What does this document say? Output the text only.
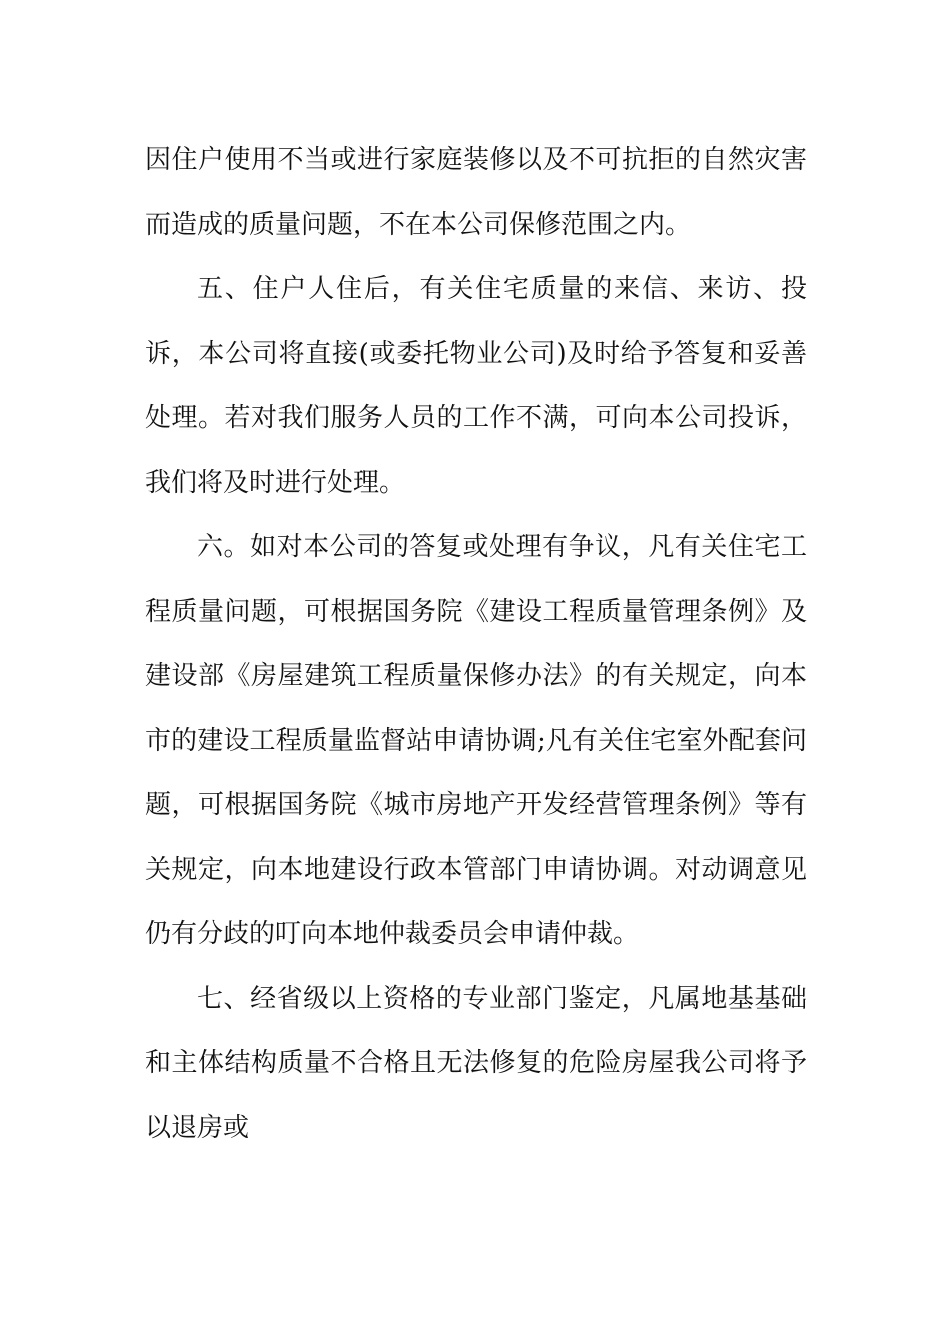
因住户使用不当或进行家庭装修以及不可抗拒的自然灾害而造成的质量问题，不在本公司保修范围之内。

五、住户人住后，有关住宅质量的来信、来访、投诉，本公司将直接(或委托物业公司)及时给予答复和妥善处理。若对我们服务人员的工作不满，可向本公司投诉，我们将及时进行处理。

六。如对本公司的答复或处理有争议，凡有关住宅工程质量问题，可根据国务院《建设工程质量管理条例》及建设部《房屋建筑工程质量保修办法》的有关规定，向本市的建设工程质量监督站申请协调;凡有关住宅室外配套问题，可根据国务院《城市房地产开发经营管理条例》等有关规定，向本地建设行政本管部门申请协调。对动调意见仍有分歧的叮向本地仲裁委员会申请仲裁。

七、经省级以上资格的专业部门鉴定，凡属地基基础和主体结构质量不合格且无法修复的危险房屋我公司将予以退房或
